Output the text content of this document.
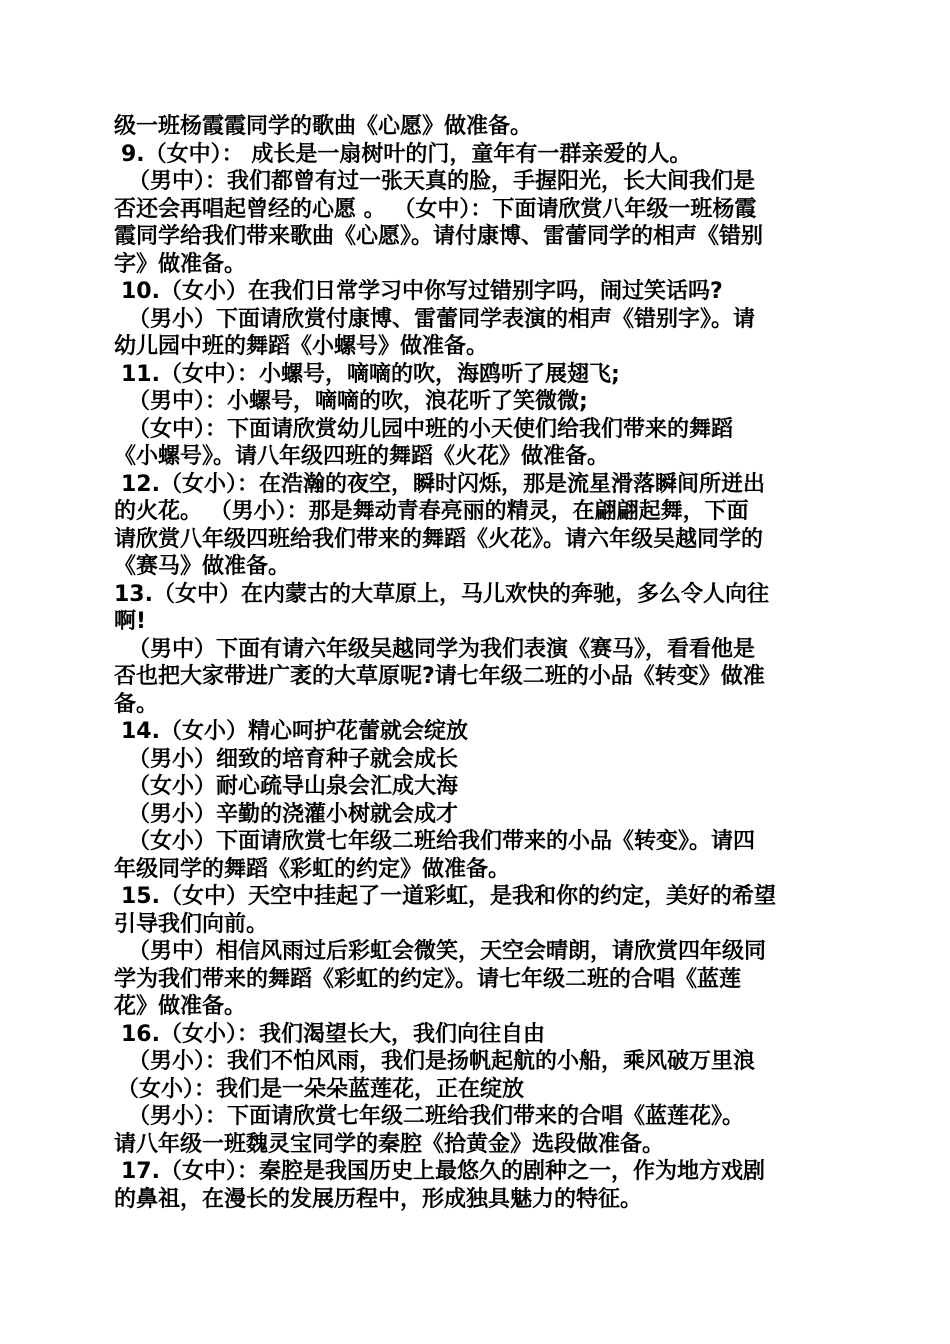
级一班杨霞霞同学的歌曲《心愿》做准备。
9.（女中）： 成长是一扇树叶的门，童年有一群亲爱的人。
（男中）：我们都曾有过一张天真的脸，手握阳光，长大间我们是
否还会再唱起曾经的心愿 。 （女中）：下面请欣赏八年级一班杨霞
霞同学给我们带来歌曲《心愿》。请付康博、雷蕾同学的相声《错别
字》做准备。
10.（女小）在我们日常学习中你写过错别字吗，闹过笑话吗?
（男小）下面请欣赏付康博、雷蕾同学表演的相声《错别字》。请
幼儿园中班的舞蹈《小螺号》做准备。
11.（女中）：小螺号，嘀嘀的吹，海鸥听了展翅飞;
（男中）：小螺号，嘀嘀的吹，浪花听了笑微微;
（女中）：下面请欣赏幼儿园中班的小天使们给我们带来的舞蹈
《小螺号》。请八年级四班的舞蹈《火花》做准备。
12.（女小）：在浩瀚的夜空，瞬时闪烁，那是流星滑落瞬间所迸出
的火花。 （男小）：那是舞动青春亮丽的精灵，在翩翩起舞，下面
请欣赏八年级四班给我们带来的舞蹈《火花》。请六年级吴越同学的
《赛马》做准备。
13.（女中）在内蒙古的大草原上，马儿欢快的奔驰，多么令人向往
啊!
（男中）下面有请六年级吴越同学为我们表演《赛马》，看看他是
否也把大家带进广袤的大草原呢?请七年级二班的小品《转变》做准
备。
14.（女小）精心呵护花蕾就会绽放
（男小）细致的培育种子就会成长
（女小）耐心疏导山泉会汇成大海
（男小）辛勤的浇灌小树就会成才
（女小）下面请欣赏七年级二班给我们带来的小品《转变》。请四
年级同学的舞蹈《彩虹的约定》做准备。
15.（女中）天空中挂起了一道彩虹，是我和你的约定，美好的希望
引导我们向前。
（男中）相信风雨过后彩虹会微笑，天空会晴朗，请欣赏四年级同
学为我们带来的舞蹈《彩虹的约定》。请七年级二班的合唱《蓝莲
花》做准备。
16.（女小）：我们渴望长大，我们向往自由
（男小）：我们不怕风雨，我们是扬帆起航的小船，乘风破万里浪
（女小）：我们是一朵朵蓝莲花，正在绽放
（男小）：下面请欣赏七年级二班给我们带来的合唱《蓝莲花》。
请八年级一班魏灵宝同学的秦腔《拾黄金》选段做准备。
17.（女中）：秦腔是我国历史上最悠久的剧种之一，作为地方戏剧
的鼻祖，在漫长的发展历程中，形成独具魅力的特征。
